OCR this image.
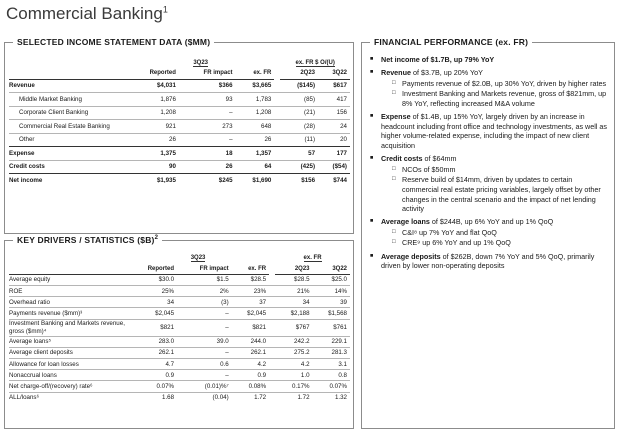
Commercial Banking$^1$
SELECTED INCOME STATEMENT DATA ($MM)
	3Q23				ex. FR $ O/(U)	
	Reported	FR impact	ex. FR		2Q23	3Q22
Revenue	$4,031	$366	$3,665		($145)	$617
Middle Market Banking	1,876	93	1,783		(85)	417
Corporate Client Banking	1,208	–	1,208		(21)	156
Commercial Real Estate Banking	921	273	648		(28)	24
Other	26	–	26		(11)	20
Expense	1,375	18	1,357		57	177
Credit costs	90	26	64		(425)	($54)
Net income	$1,935	$245	$1,690		$156	$744
KEY DRIVERS / STATISTICS ($B)$^2$
	3Q23				ex. FR	
	Reported	FR impact	ex. FR		2Q23	3Q22
Average equity	$30.0	$1.5	$28.5		$28.5	$25.0
ROE	25%	2%	23%		21%	14%
Overhead ratio	34	(3)	37		34	39
Payments revenue ($mm)³	$2,045	–	$2,045		$2,188	$1,568
Investment Banking and Markets revenue, gross ($mm)⁴	$821	–	$821		$767	$761
Average loans⁵	283.0	39.0	244.0		242.2	229.1
Average client deposits	262.1	–	262.1		275.2	281.3
Allowance for loan losses	4.7	0.6	4.2		4.2	3.1
Nonaccrual loans	0.9	–	0.9		1.0	0.8
Net charge-off/(recovery) rate⁶	0.07%	(0.01)%⁷	0.08%		0.17%	0.07%
ALL/loans⁶	1.68	(0.04)	1.72		1.72	1.32
FINANCIAL PERFORMANCE (ex. FR)
■ Net income of $1.7B, up 79% YoY
■ Revenue of $3.7B, up 20% YoY
□ Payments revenue of $2.0B, up 30% YoY, driven by higher rates
□ Investment Banking and Markets revenue, gross of $821mm, up 8% YoY, reflecting increased M&A volume
■ Expense of $1.4B, up 15% YoY, largely driven by an increase in headcount including front office and technology investments, as well as higher volume-related expense, including the impact of new client acquisition
■ Credit costs of $64mm
□ NCOs of $50mm
□ Reserve build of $14mm, driven by updates to certain commercial real estate pricing variables, largely offset by other changes in the central scenario and the impact of net lending activity
■ Average loans of $244B, up 6% YoY and up 1% QoQ
□ C&I⁸ up 7% YoY and flat QoQ
□ CRE⁹ up 6% YoY and up 1% QoQ
■ Average deposits of $262B, down 7% YoY and 5% QoQ, primarily driven by lower non-operating deposits
